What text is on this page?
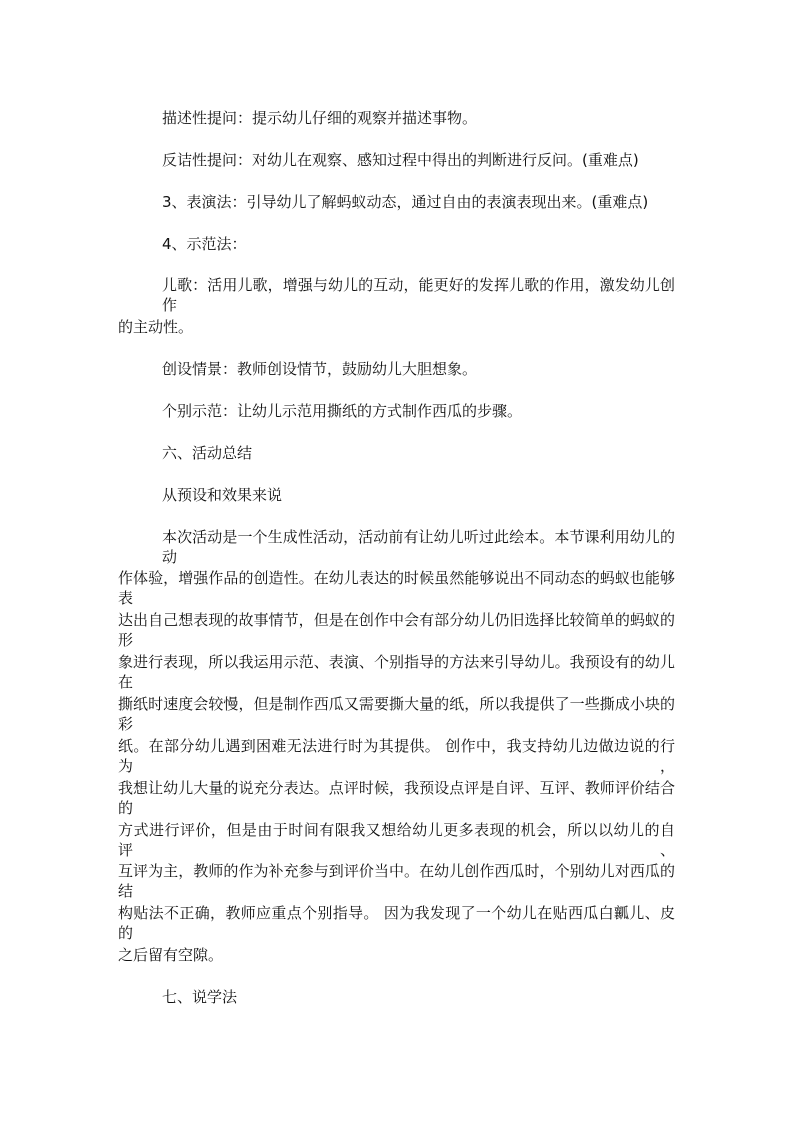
描述性提问：提示幼儿仔细的观察并描述事物。

反诘性提问：对幼儿在观察、感知过程中得出的判断进行反问。(重难点)

3、表演法：引导幼儿了解蚂蚁动态，通过自由的表演表现出来。(重难点)

4、示范法：

儿歌：活用儿歌，增强与幼儿的互动，能更好的发挥儿歌的作用，激发幼儿创作

的主动性。

创设情景：教师创设情节，鼓励幼儿大胆想象。

个别示范：让幼儿示范用撕纸的方式制作西瓜的步骤。

六、活动总结

从预设和效果来说

本次活动是一个生成性活动，活动前有让幼儿听过此绘本。本节课利用幼儿的动

作体验，增强作品的创造性。在幼儿表达的时候虽然能够说出不同动态的蚂蚁也能够表

达出自己想表现的故事情节，但是在创作中会有部分幼儿仍旧选择比较简单的蚂蚁的形

象进行表现，所以我运用示范、表演、个别指导的方法来引导幼儿。我预设有的幼儿在

撕纸时速度会较慢，但是制作西瓜又需要撕大量的纸，所以我提供了一些撕成小块的彩

纸。在部分幼儿遇到困难无法进行时为其提供。 创作中，我支持幼儿边做边说的行为，

我想让幼儿大量的说充分表达。点评时候，我预设点评是自评、互评、教师评价结合的

方式进行评价，但是由于时间有限我又想给幼儿更多表现的机会，所以以幼儿的自评、

互评为主，教师的作为补充参与到评价当中。在幼儿创作西瓜时，个别幼儿对西瓜的结

构贴法不正确，教师应重点个别指导。 因为我发现了一个幼儿在贴西瓜白瓤儿、皮的

之后留有空隙。

七、说学法
